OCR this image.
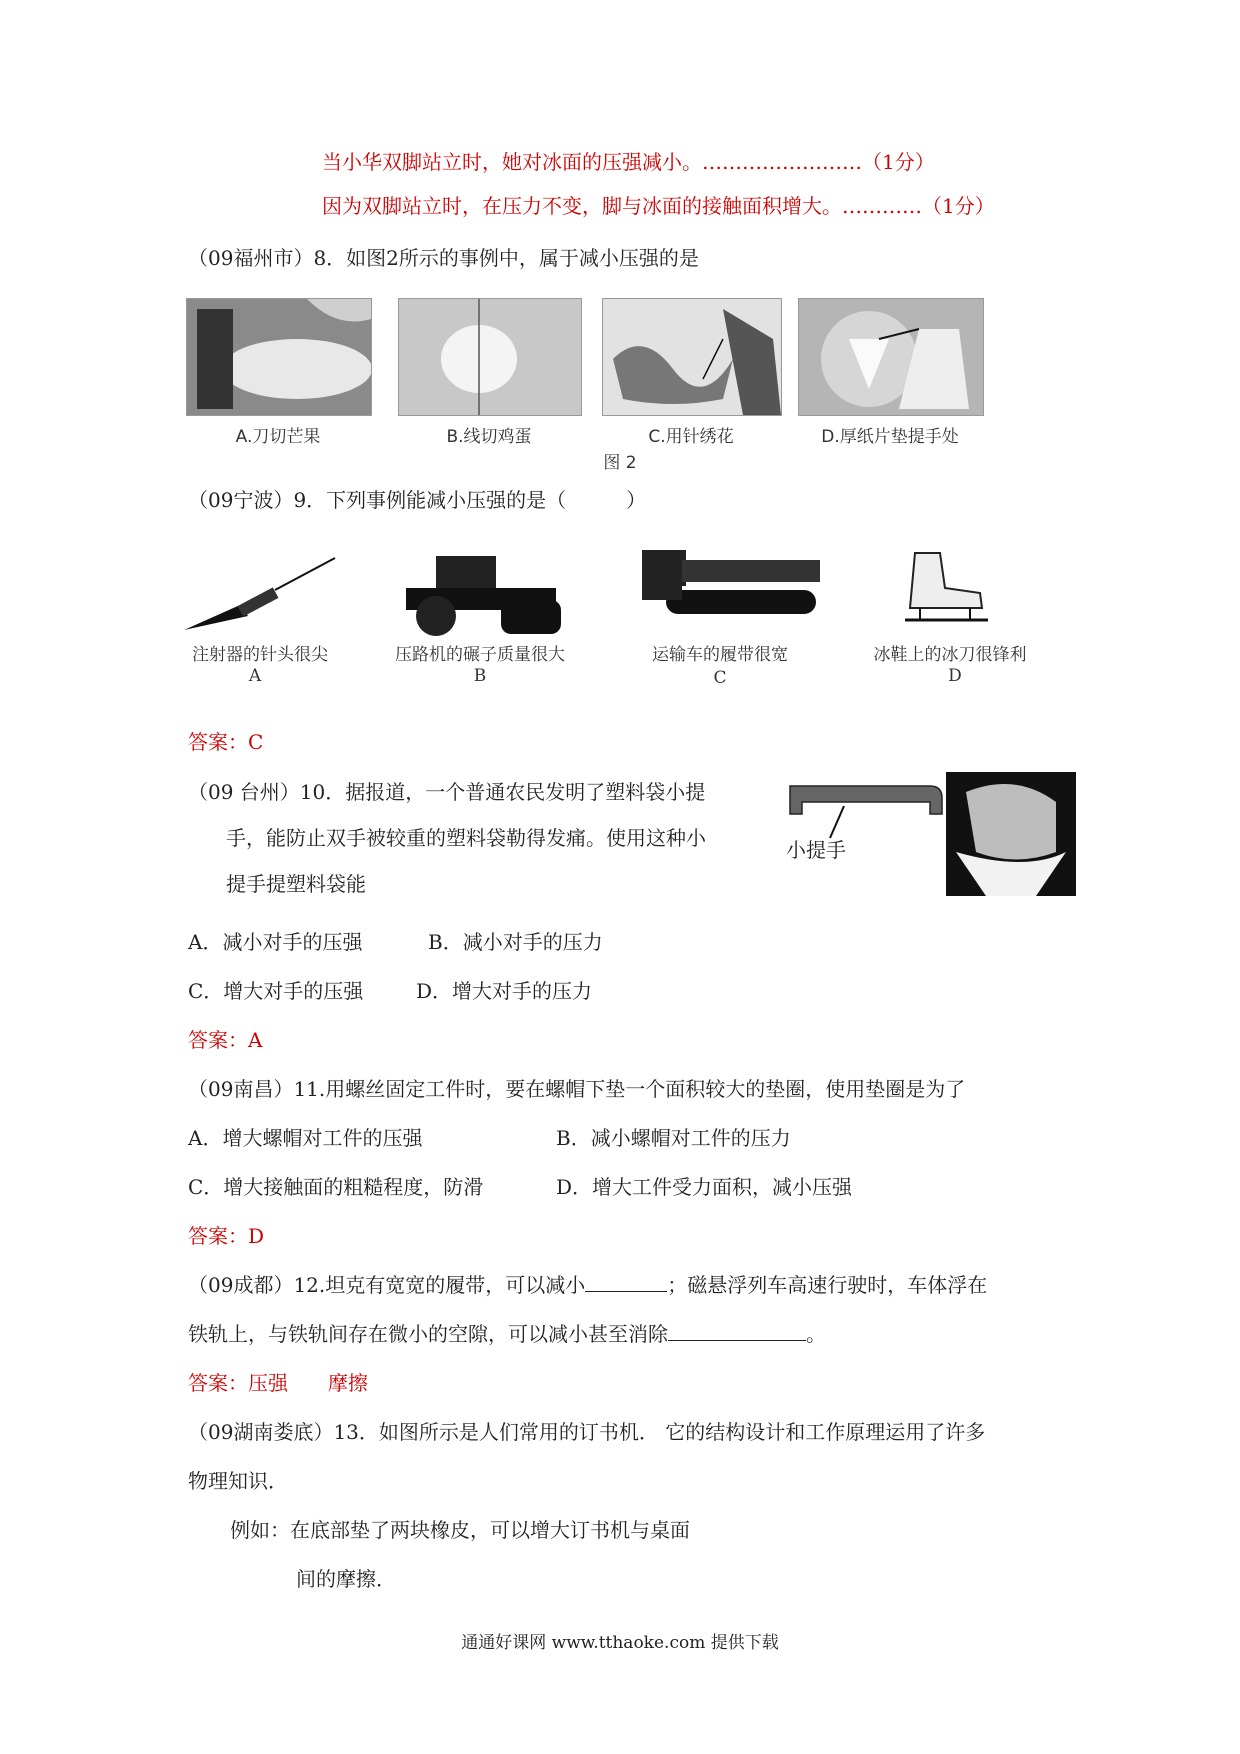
当小华双脚站立时，她对冰面的压强减小。……………………（1分）
因为双脚站立时，在压力不变，脚与冰面的接触面积增大。…………（1分）
（09福州市）8．如图2所示的事例中，属于减小压强的是
A.刀切芒果	B.线切鸡蛋	C.用针绣花	D.厚纸片垫提手处
图 2
（09宁波）9．下列事例能减小压强的是（　　　）
注射器的针头很尖	压路机的碾子质量很大	运输车的履带很宽	冰鞋上的冰刀很锋利
A	B	C	D
答案：C
（09 台州）10．据报道，一个普通农民发明了塑料袋小提
手，能防止双手被较重的塑料袋勒得发痛。使用这种小
提手提塑料袋能
小提手
A．减小对手的压强	B．减小对手的压力
C．增大对手的压强	D．增大对手的压力
答案：A
（09南昌）11.用螺丝固定工件时，要在螺帽下垫一个面积较大的垫圈，使用垫圈是为了
A．增大螺帽对工件的压强	B．减小螺帽对工件的压力
C．增大接触面的粗糙程度，防滑	D．增大工件受力面积，减小压强
答案：D
（09成都）12.坦克有宽宽的履带，可以减小	；磁悬浮列车高速行驶时，车体浮在
铁轨上，与铁轨间存在微小的空隙，可以减小甚至消除	。
答案：压强　　摩擦
（09湖南娄底）13．如图所示是人们常用的订书机． 它的结构设计和工作原理运用了许多
物理知识．
例如：在底部垫了两块橡皮，可以增大订书机与桌面
间的摩擦．
通通好课网 www.tthaoke.com 提供下载
